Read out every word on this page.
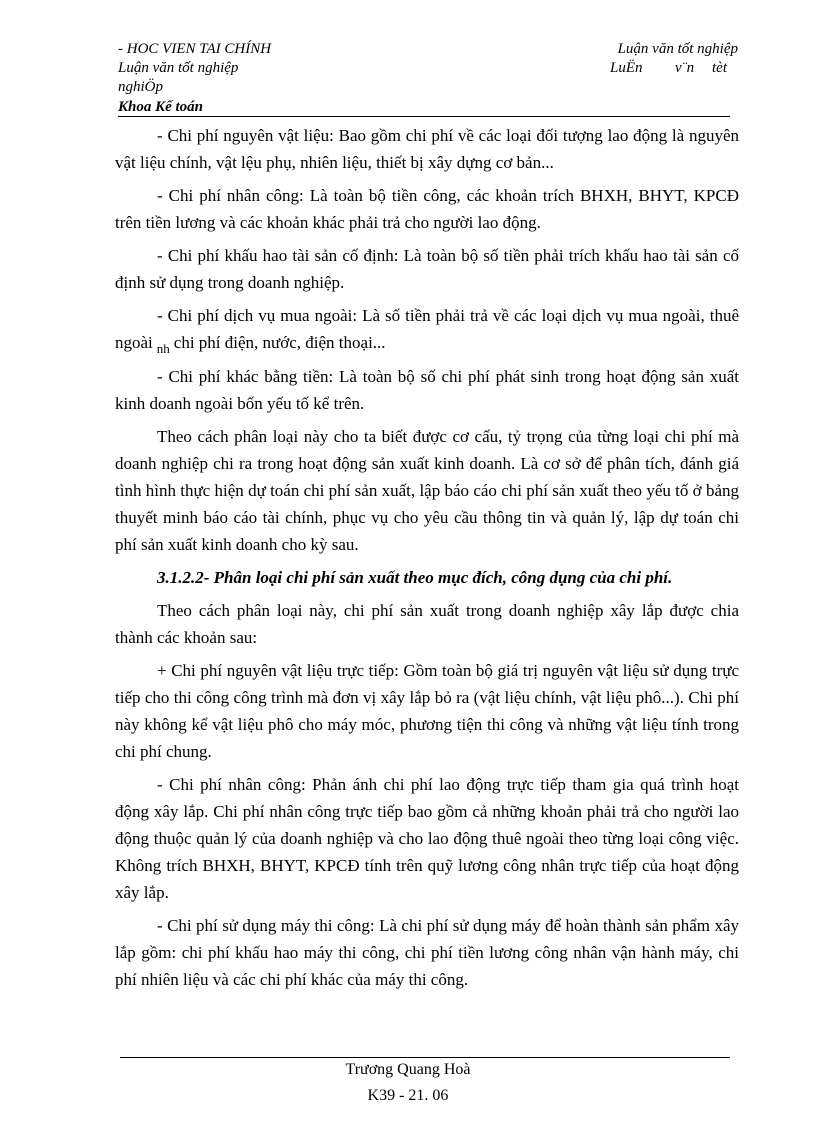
- HOC VIEN TAI CHÍNH
Luận văn tốt nghiệp
nghiÖp
Khoa Kế toán
Luận văn tốt nghiệp
LuËn v¨n tèt

- Chi phí nguyên vật liệu: Bao gồm chi phí về các loại đối tượng lao động là nguyên vật liệu chính, vật lệu phụ, nhiên liệu, thiết bị xây dựng cơ bản...

- Chi phí nhân công: Là toàn bộ tiền công, các khoản trích BHXH, BHYT, KPCĐ trên tiền lương và các khoản khác phải trả cho người lao động.

- Chi phí khấu hao tài sản cố định: Là toàn bộ số tiền phải trích khấu hao tài sản cố định sử dụng trong doanh nghiệp.

- Chi phí dịch vụ mua ngoài: Là số tiền phải trả về các loại dịch vụ mua ngoài, thuê ngoài $_{nh}$ chi phí điện, nước, điện thoại...

- Chi phí khác bằng tiền: Là toàn bộ số chi phí phát sinh trong hoạt động sản xuất kinh doanh ngoài bốn yếu tố kể trên.

Theo cách phân loại này cho ta biết được cơ cấu, tỷ trọng của từng loại chi phí mà doanh nghiệp chi ra trong hoạt động sản xuất kinh doanh. Là cơ sở để phân tích, đánh giá tình hình thực hiện dự toán chi phí sản xuất, lập báo cáo chi phí sản xuất theo yếu tố ở bảng thuyết minh báo cáo tài chính, phục vụ cho yêu cầu thông tin và quản lý, lập dự toán chi phí sản xuất kinh doanh cho kỳ sau.

3.1.2.2- Phân loại chi phí sản xuất theo mục đích, công dụng của chi phí.

Theo cách phân loại này, chi phí sản xuất trong doanh nghiệp xây lắp được chia thành các khoản sau:

+ Chi phí nguyên vật liệu trực tiếp: Gồm toàn bộ giá trị nguyên vật liệu sử dụng trực tiếp cho thi công công trình mà đơn vị xây lắp bỏ ra (vật liệu chính, vật liệu phô...). Chi phí này không kể vật liệu phô cho máy móc, phương tiện thi công và những vật liệu tính trong chi phí chung.

- Chi phí nhân công: Phản ánh chi phí lao động trực tiếp tham gia quá trình hoạt động xây lắp. Chi phí nhân công trực tiếp bao gồm cả những khoản phải trả cho người lao động thuộc quản lý của doanh nghiệp và cho lao động thuê ngoài theo từng loại công việc. Không trích BHXH, BHYT, KPCĐ tính trên quỹ lương công nhân trực tiếp của hoạt động xây lắp.

- Chi phí sử dụng máy thi công: Là chi phí sử dụng máy để hoàn thành sản phẩm xây lắp gồm: chi phí khấu hao máy thi công, chi phí tiền lương công nhân vận hành máy, chi phí nhiên liệu và các chi phí khác của máy thi công.

Trương Quang Hoà
K39 - 21. 06
